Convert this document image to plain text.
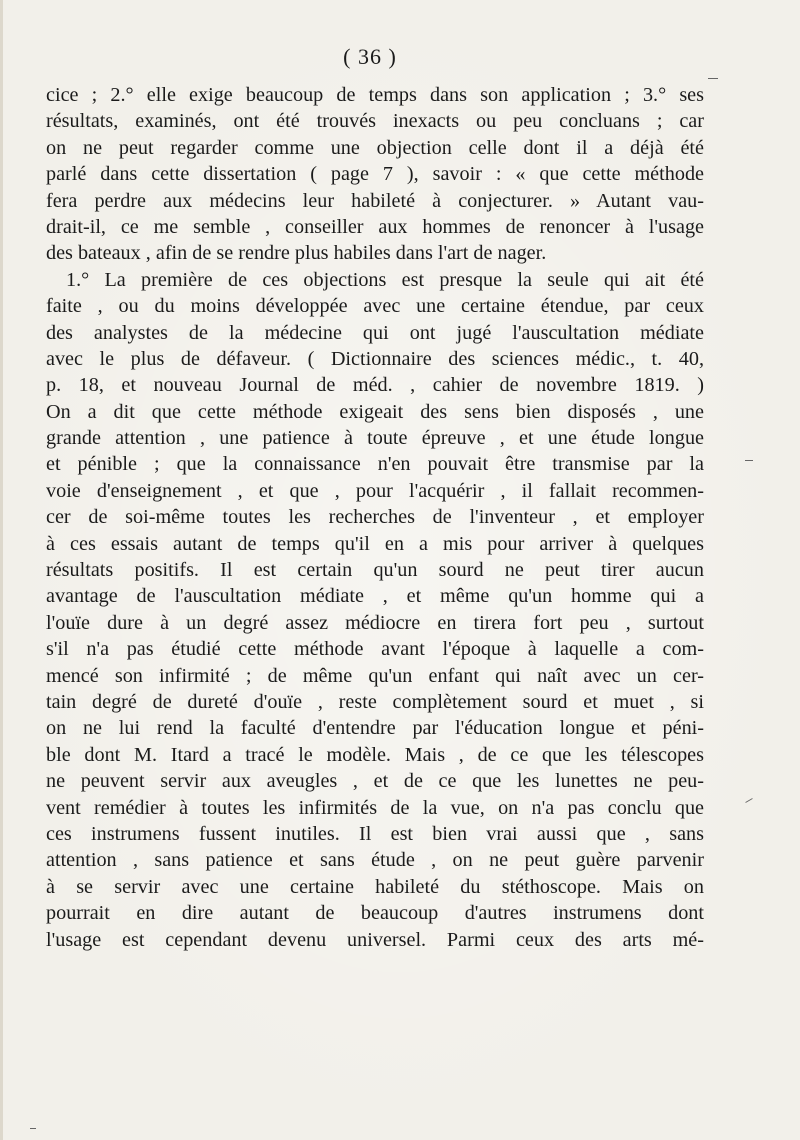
( 36 )
cice ; 2.° elle exige beaucoup de temps dans son application ; 3.° ses
résultats, examinés, ont été trouvés inexacts ou peu concluans ; car
on ne peut regarder comme une objection celle dont il a déjà été
parlé dans cette dissertation ( page 7 ), savoir : « que cette méthode
fera perdre aux médecins leur habileté à conjecturer. » Autant vau-
drait-il, ce me semble , conseiller aux hommes de renoncer à l'usage
des bateaux , afin de se rendre plus habiles dans l'art de nager.
1.° La première de ces objections est presque la seule qui ait été
faite , ou du moins développée avec une certaine étendue, par ceux
des analystes de la médecine qui ont jugé l'auscultation médiate
avec le plus de défaveur. ( Dictionnaire des sciences médic., t. 40,
p. 18, et nouveau Journal de méd. , cahier de novembre 1819. )
On a dit que cette méthode exigeait des sens bien disposés , une
grande attention , une patience à toute épreuve , et une étude longue
et pénible ; que la connaissance n'en pouvait être transmise par la
voie d'enseignement , et que , pour l'acquérir , il fallait recommen-
cer de soi-même toutes les recherches de l'inventeur , et employer
à ces essais autant de temps qu'il en a mis pour arriver à quelques
résultats positifs. Il est certain qu'un sourd ne peut tirer aucun
avantage de l'auscultation médiate , et même qu'un homme qui a
l'ouïe dure à un degré assez médiocre en tirera fort peu , surtout
s'il n'a pas étudié cette méthode avant l'époque à laquelle a com-
mencé son infirmité ; de même qu'un enfant qui naît avec un cer-
tain degré de dureté d'ouïe , reste complètement sourd et muet , si
on ne lui rend la faculté d'entendre par l'éducation longue et péni-
ble dont M. Itard a tracé le modèle. Mais , de ce que les télescopes
ne peuvent servir aux aveugles , et de ce que les lunettes ne peu-
vent remédier à toutes les infirmités de la vue, on n'a pas conclu que
ces instrumens fussent inutiles. Il est bien vrai aussi que , sans
attention , sans patience et sans étude , on ne peut guère parvenir
à se servir avec une certaine habileté du stéthoscope. Mais on
pourrait en dire autant de beaucoup d'autres instrumens dont
l'usage est cependant devenu universel. Parmi ceux des arts mé-
